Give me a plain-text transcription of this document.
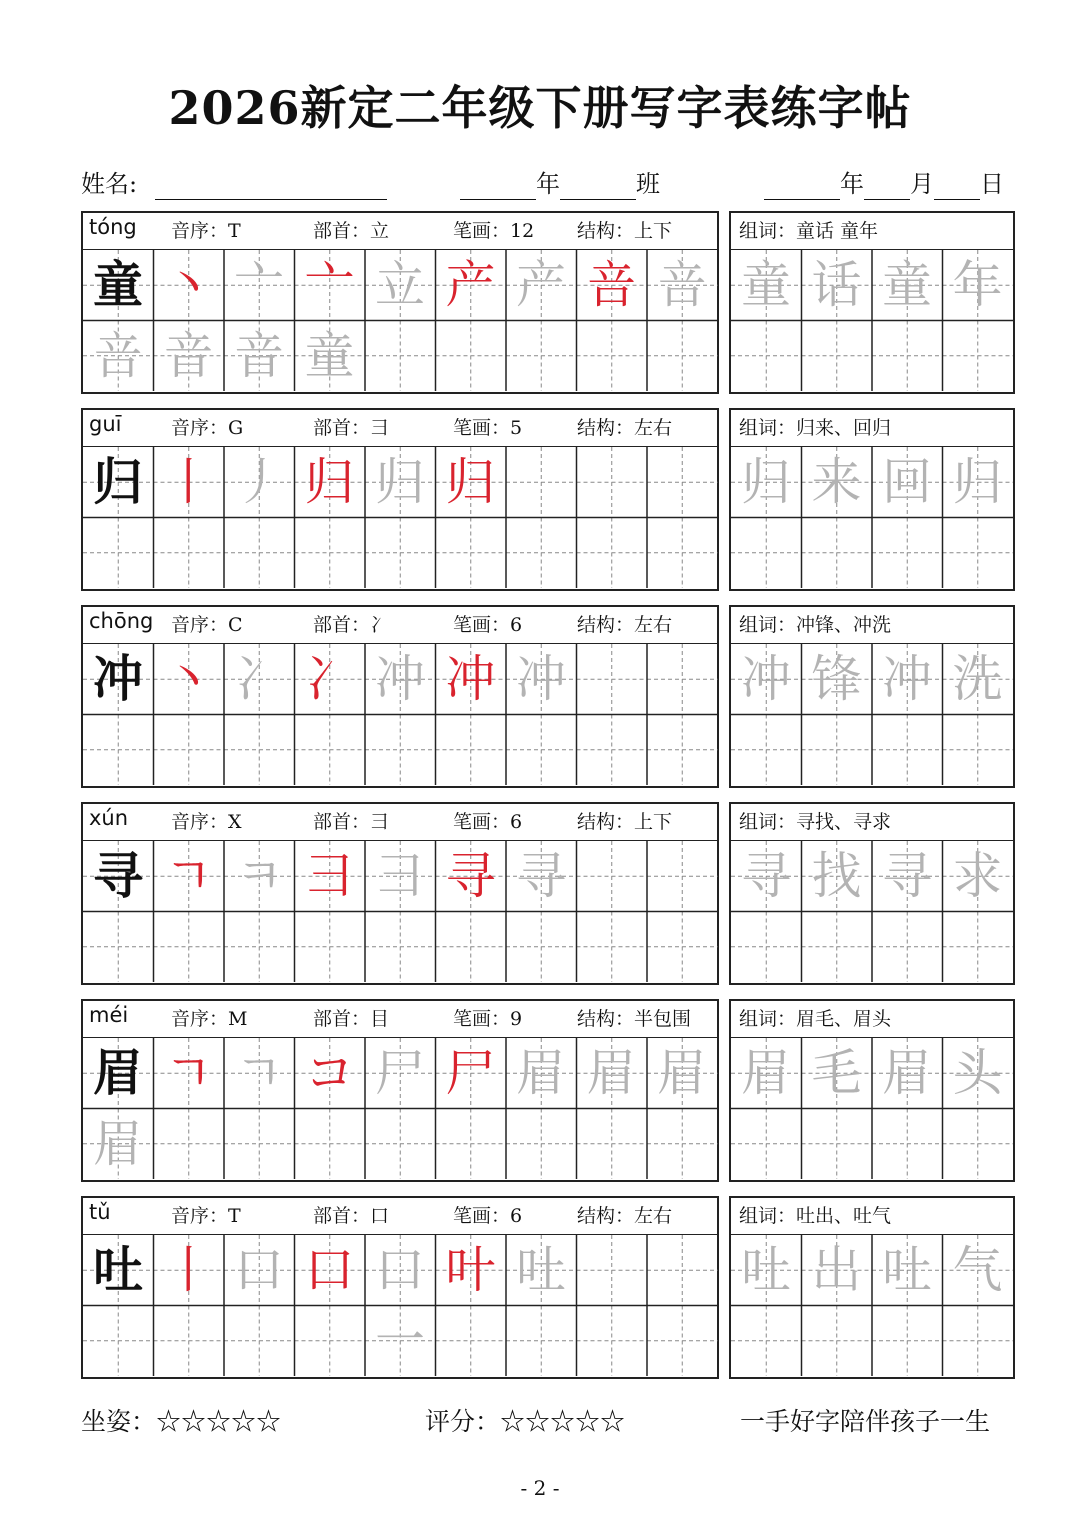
2026新定二年级下册写字表练字帖
姓名:	年	班	年 月 日
tóng 音序：T	部首：立	笔画：12 结构：上下
童 丶 亠 亠 立 产 产 咅 咅
咅 音 音 童
组词：童话 童年
童 话 童 年
guī	音序：G	部首：彐	笔画：5	结构：左右
归 丨 丿 归 归 归
组词：归来、回归
归 来 回 归
chōng 音序：C	部首：冫	笔画：6	结构：左右
冲 丶 冫 冫 冲 冲 冲
组词：冲锋、冲洗
冲 锋 冲 洗
xún 音序：X	部首：彐	笔画：6	结构：上下
寻 ㄱ ㅋ 彐 彐 寻 寻
组词：寻找、寻求
寻 找 寻 求
méi 音序：M	部首：目	笔画：9	结构：半包围
眉 ㄱ ㄱ コ 尸 尸 眉 眉 眉
眉
组词：眉毛、眉头
眉 毛 眉 头
tǔ	音序：T	部首：口	笔画：6	结构：左右
吐 丨 口 口 口一
叶 吐
组词：吐出、吐气
吐 出 吐 气
坐姿：☆☆☆☆☆	评分：☆☆☆☆☆	一手好字陪伴孩子一生
- 2 -
